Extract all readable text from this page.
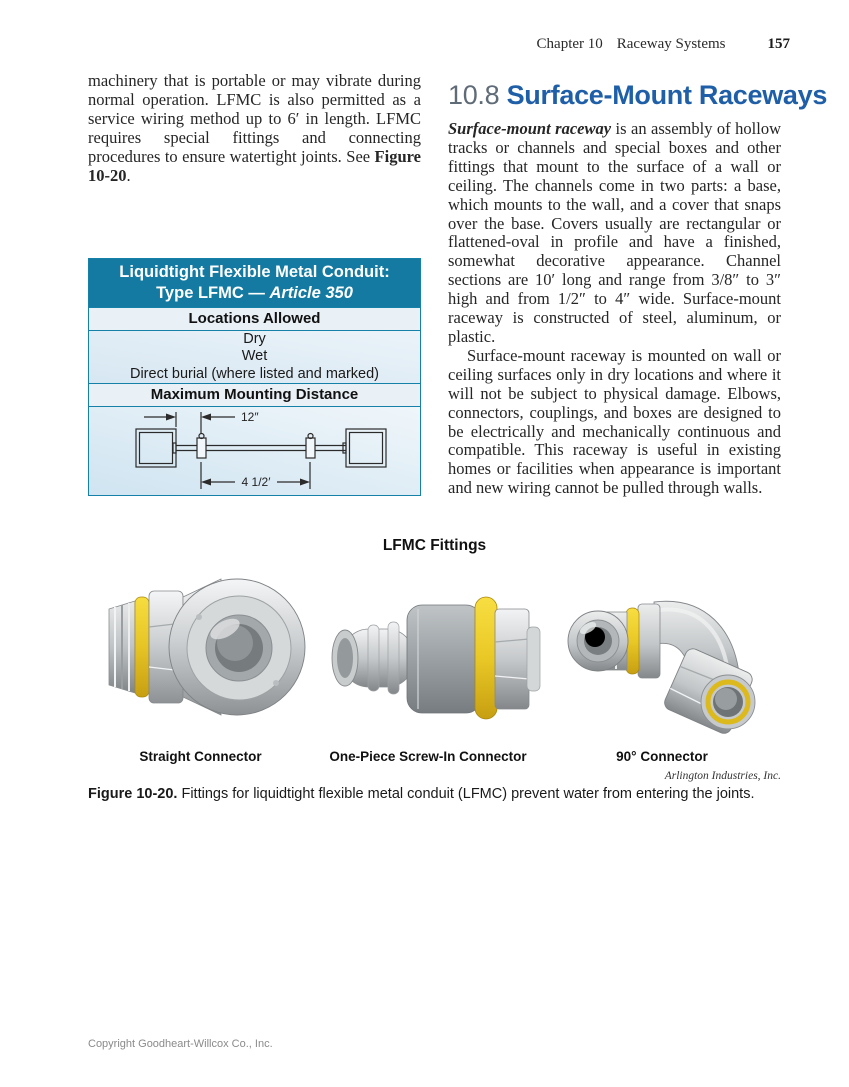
Chapter 10 Raceway Systems	157

machinery that is portable or may vibrate during normal operation. LFMC is also permitted as a service wiring method up to 6′ in length. LFMC requires special fittings and connecting procedures to ensure watertight joints. See Figure 10-20.

Liquidtight Flexible Metal Conduit:
Type LFMC — Article 350
Locations Allowed
Dry
Wet
Direct burial (where listed and marked)
Maximum Mounting Distance
12″
4 1/2′
10.8 Surface-Mount Raceways

Surface-mount raceway is an assembly of hollow tracks or channels and special boxes and other fittings that mount to the surface of a wall or ceiling. The channels come in two parts: a base, which mounts to the wall, and a cover that snaps over the base. Covers usually are rectangular or flattened-oval in profile and have a finished, somewhat decorative appearance. Channel sections are 10′ long and range from 3/8″ to 3″ high and from 1/2″ to 4″ wide. Surface-mount raceway is constructed of steel, aluminum, or plastic.

Surface-mount raceway is mounted on wall or ceiling surfaces only in dry locations and where it will not be subject to physical damage. Elbows, connectors, couplings, and boxes are designed to be electrically and mechanically continuous and compatible. This raceway is useful in existing homes or facilities when appearance is important and new wiring cannot be pulled through walls.

LFMC Fittings
Straight Connector	One-Piece Screw-In Connector	90° Connector
Arlington Industries, Inc.

Figure 10-20. Fittings for liquidtight flexible metal conduit (LFMC) prevent water from entering the joints.

Copyright Goodheart-Willcox Co., Inc.
